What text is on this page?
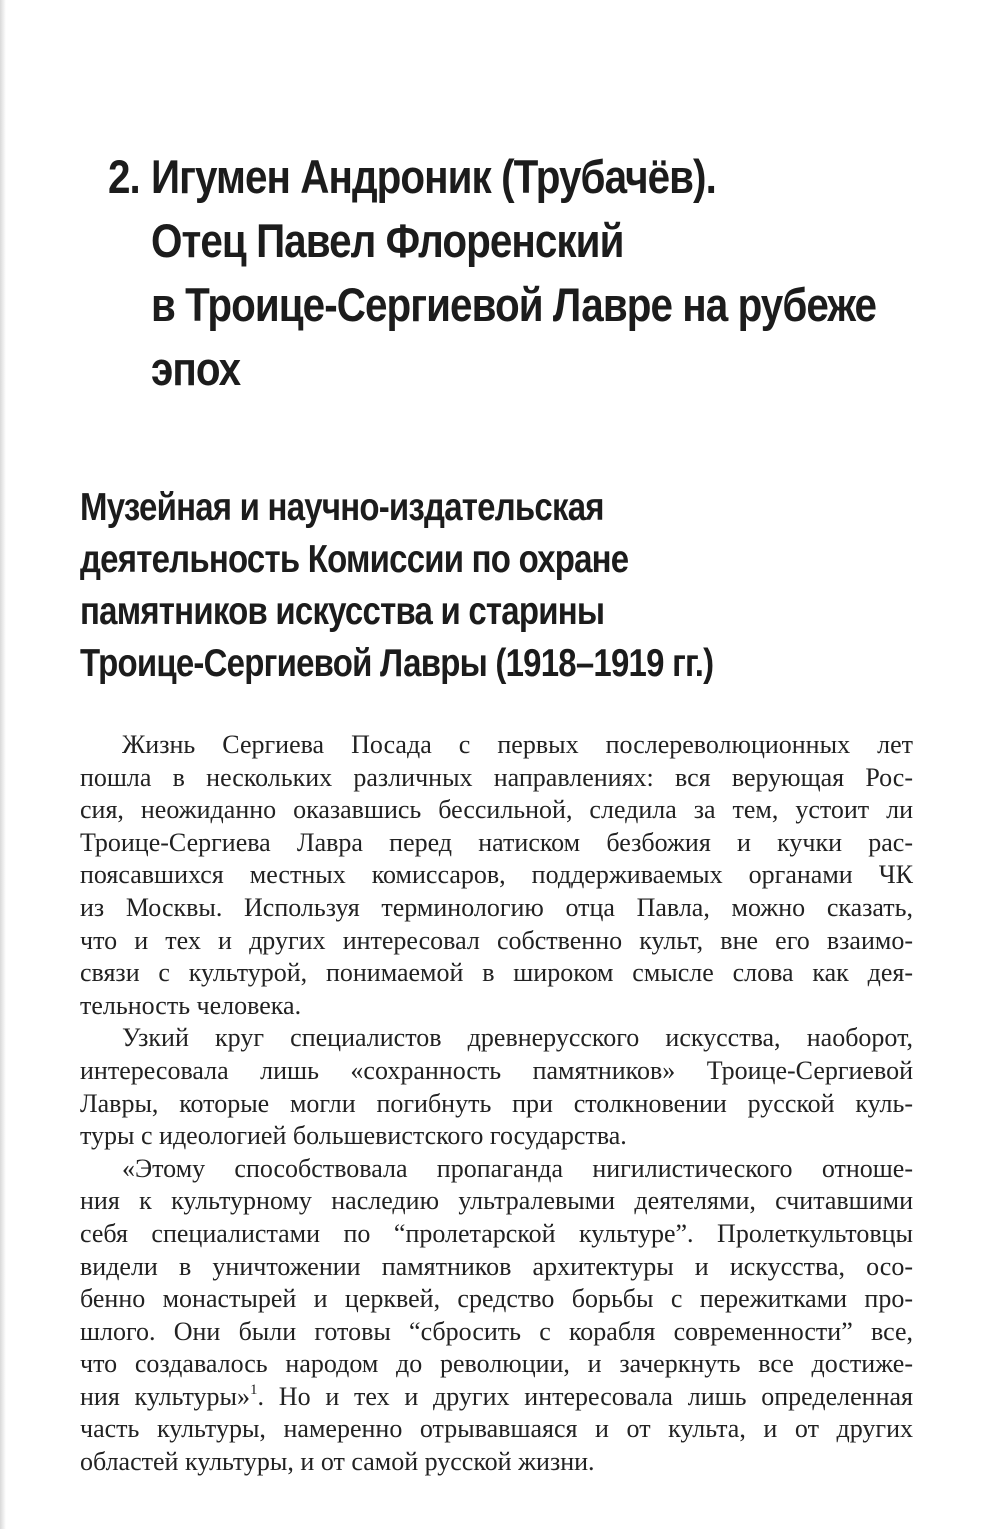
2. Игумен Андроник (Трубачёв).
Отец Павел Флоренский
в Троице-Сергиевой Лавре на рубеже
эпох
Музейная и научно-издательская
деятельность Комиссии по охране
памятников искусства и старины
Троице-Сергиевой Лавры (1918–1919 гг.)
Жизнь Сергиева Посада с первых послереволюционных лет
пошла в нескольких различных направлениях: вся верующая Рос-
сия, неожиданно оказавшись бессильной, следила за тем, устоит ли
Троице-Сергиева Лавра перед натиском безбожия и кучки рас-
поясавшихся местных комиссаров, поддерживаемых органами ЧК
из Москвы. Используя терминологию отца Павла, можно сказать,
что и тех и других интересовал собственно культ, вне его взаимо-
связи с культурой, понимаемой в широком смысле слова как дея-
тельность человека.
Узкий круг специалистов древнерусского искусства, наоборот,
интересовала лишь «сохранность памятников» Троице-Сергиевой
Лавры, которые могли погибнуть при столкновении русской куль-
туры с идеологией большевистского государства.
«Этому способствовала пропаганда нигилистического отноше-
ния к культурному наследию ультралевыми деятелями, считавшими
себя специалистами по “пролетарской культуре”. Пролеткультовцы
видели в уничтожении памятников архитектуры и искусства, осо-
бенно монастырей и церквей, средство борьбы с пережитками про-
шлого. Они были готовы “сбросить с корабля современности” все,
что создавалось народом до революции, и зачеркнуть все достиже-
ния культуры»$^1$. Но и тех и других интересовала лишь определенная
часть культуры, намеренно отрывавшаяся и от культа, и от других
областей культуры, и от самой русской жизни.
